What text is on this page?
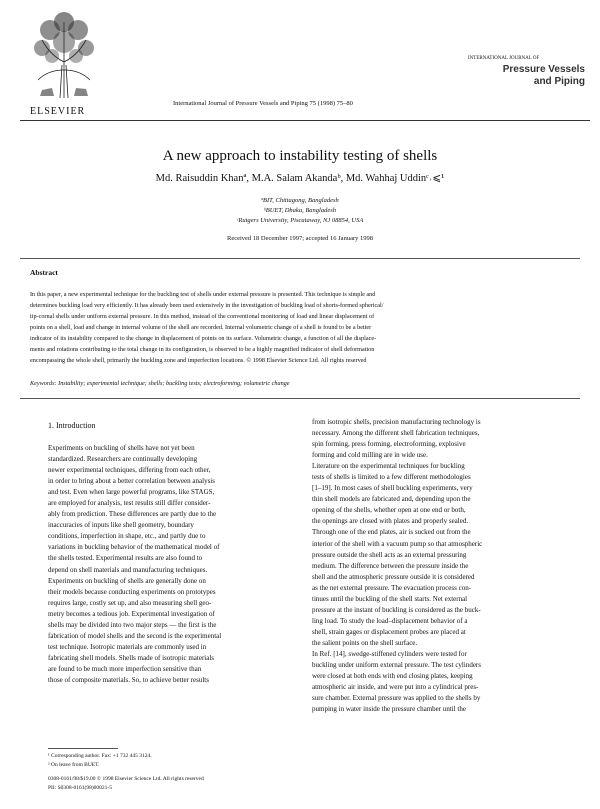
ELSEVIER
International Journal of Pressure Vessels and Piping 75 (1998) 75–80
INTERNATIONAL JOURNAL OF
Pressure Vessels
and Piping
A new approach to instability testing of shells
Md. Raisuddin Khanª, M.A. Salam Akandaᵇ, Md. Wahhaj Uddinᶜ˒⩽¹
ªBIT, Chittagong, Bangladesh
ᵇBUET, Dhaka, Bangladesh
ᶜRutgers University, Piscataway, NJ 08854, USA
Received 18 December 1997; accepted 16 January 1998
Abstract
In this paper, a new experimental technique for the buckling test of shells under external pressure is presented. This technique is simple and
determines buckling load very efficiently. It has already been used extensively in the investigation of buckling load of shorts-formed spherical/
tip-cornal shells under uniform external pressure. In this method, instead of the conventional monitoring of load and linear displacement of
points on a shell, load and change in internal volume of the shell are recorded. Internal volumetric change of a shell is found to be a better
indicator of its instability compared to the change in displacement of points on its surface. Volumetric change, a function of all the displace-
ments and rotations contributing to the total change in its configuration, is observed to be a highly magnified indicator of shell deformation
encompassing the whole shell, primarily the buckling zone and imperfection locations. © 1998 Elsevier Science Ltd. All rights reserved
Keywords: Instability; experimental technique; shells; buckling tests; electroforming; volumetric change
1. Introduction
Experiments on buckling of shells have not yet been
standardized. Researchers are continually developing
newer experimental techniques, differing from each other,
in order to bring about a better correlation between analysis
and test. Even when large powerful programs, like STAGS,
are employed for analysis, test results still differ consider-
ably from prediction. These differences are partly due to the
inaccuracies of inputs like shell geometry, boundary
conditions, imperfection in shape, etc., and partly due to
variations in buckling behavior of the mathematical model of
the shells tested. Experimental results are also found to
depend on shell materials and manufacturing techniques.
Experiments on buckling of shells are generally done on
their models because conducting experiments on prototypes
requires large, costly set up, and also measuring shell geo-
metry becomes a tedious job. Experimental investigation of
shells may be divided into two major steps — the first is the
fabrication of model shells and the second is the experimental
test technique. Isotropic materials are commonly used in
fabricating shell models. Shells made of isotropic materials
are found to be much more imperfection sensitive than
those of composite materials. So, to achieve better results
¹ Corresponding author. Fax: +1 732 445 3124.
² On leave from BUET.
0308-0161/98/$19.00 © 1998 Elsevier Science Ltd. All rights reserved
PII: S0308-0161(98)00021-5
from isotropic shells, precision manufacturing technology is
necessary. Among the different shell fabrication techniques,
spin forming, press forming, electroforming, explosive
forming and cold milling are in wide use.
Literature on the experimental techniques for buckling
tests of shells is limited to a few different methodologies
[1–19]. In most cases of shell buckling experiments, very
thin shell models are fabricated and, depending upon the
opening of the shells, whether open at one end or both,
the openings are closed with plates and properly sealed.
Through one of the end plates, air is sucked out from the
interior of the shell with a vacuum pump so that atmospheric
pressure outside the shell acts as an external pressuring
medium. The difference between the pressure inside the
shell and the atmospheric pressure outside it is considered
as the net external pressure. The evacuation process con-
tinues until the buckling of the shell starts. Net external
pressure at the instant of buckling is considered as the buck-
ling load. To study the load–displacement behavior of a
shell, strain gages or displacement probes are placed at
the salient points on the shell surface.
In Ref. [14], swedge-stiffened cylinders were tested for
buckling under uniform external pressure. The test cylinders
were closed at both ends with end closing plates, keeping
atmospheric air inside, and were put into a cylindrical pres-
sure chamber. External pressure was applied to the shells by
pumping in water inside the pressure chamber until the
